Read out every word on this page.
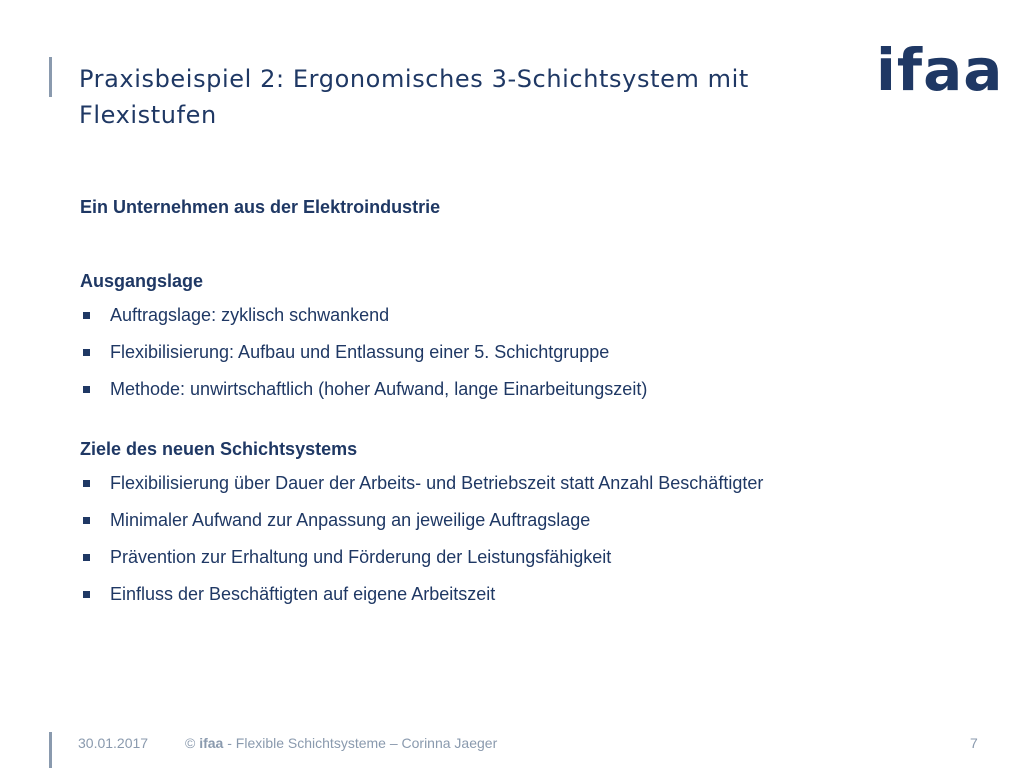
Praxisbeispiel 2: Ergonomisches 3-Schichtsystem mit Flexistufen
ifaa
Ein Unternehmen aus der Elektroindustrie
Ausgangslage
Auftragslage: zyklisch schwankend
Flexibilisierung: Aufbau und Entlassung einer 5. Schichtgruppe
Methode: unwirtschaftlich (hoher Aufwand, lange Einarbeitungszeit)
Ziele des neuen Schichtsystems
Flexibilisierung über Dauer der Arbeits- und Betriebszeit statt Anzahl Beschäftigter
Minimaler Aufwand zur Anpassung an jeweilige Auftragslage
Prävention zur Erhaltung und Förderung der Leistungsfähigkeit
Einfluss der Beschäftigten auf eigene Arbeitszeit
30.01.2017	© ifaa - Flexible Schichtsysteme – Corinna Jaeger	7
